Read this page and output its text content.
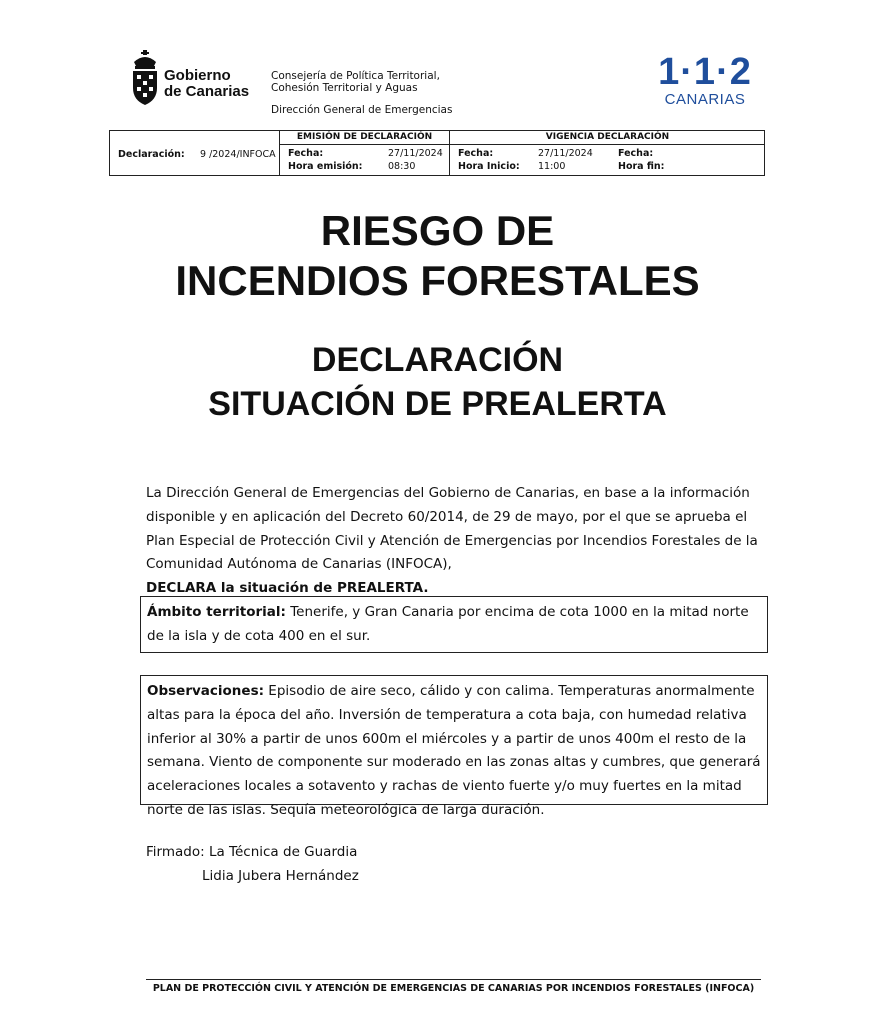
Gobierno
de Canarias
Consejería de Política Territorial,
Cohesión Territorial y Aguas
Dirección General de Emergencias
1·1·2
CANARIAS
Declaración: 9 /2024/INFOCA
EMISIÓN DE DECLARACIÓN
Fecha:	27/11/2024
Hora emisión:	08:30
VIGENCIA DECLARACIÓN
Fecha:	27/11/2024
Hora Inicio: 11:00
Fecha:
Hora fin:
RIESGO DE
INCENDIOS FORESTALES
DECLARACIÓN
SITUACIÓN DE PREALERTA
La Dirección General de Emergencias del Gobierno de Canarias, en base a la información disponible y en aplicación del Decreto 60/2014, de 29 de mayo, por el que se aprueba el Plan Especial de Protección Civil y Atención de Emergencias por Incendios Forestales de la Comunidad Autónoma de Canarias (INFOCA),
DECLARA la situación de PREALERTA.
Ámbito territorial: Tenerife, y Gran Canaria por encima de cota 1000 en la mitad norte de la isla y de cota 400 en el sur.
Observaciones: Episodio de aire seco, cálido y con calima. Temperaturas anormalmente altas para la época del año. Inversión de temperatura a cota baja, con humedad relativa inferior al 30% a partir de unos 600m el miércoles y a partir de unos 400m el resto de la semana. Viento de componente sur moderado en las zonas altas y cumbres, que generará aceleraciones locales a sotavento y rachas de viento fuerte y/o muy fuertes en la mitad norte de las islas. Sequía meteorológica de larga duración.
Firmado: La Técnica de Guardia
Lidia Jubera Hernández
PLAN DE PROTECCIÓN CIVIL Y ATENCIÓN DE EMERGENCIAS DE CANARIAS POR INCENDIOS FORESTALES (INFOCA)
